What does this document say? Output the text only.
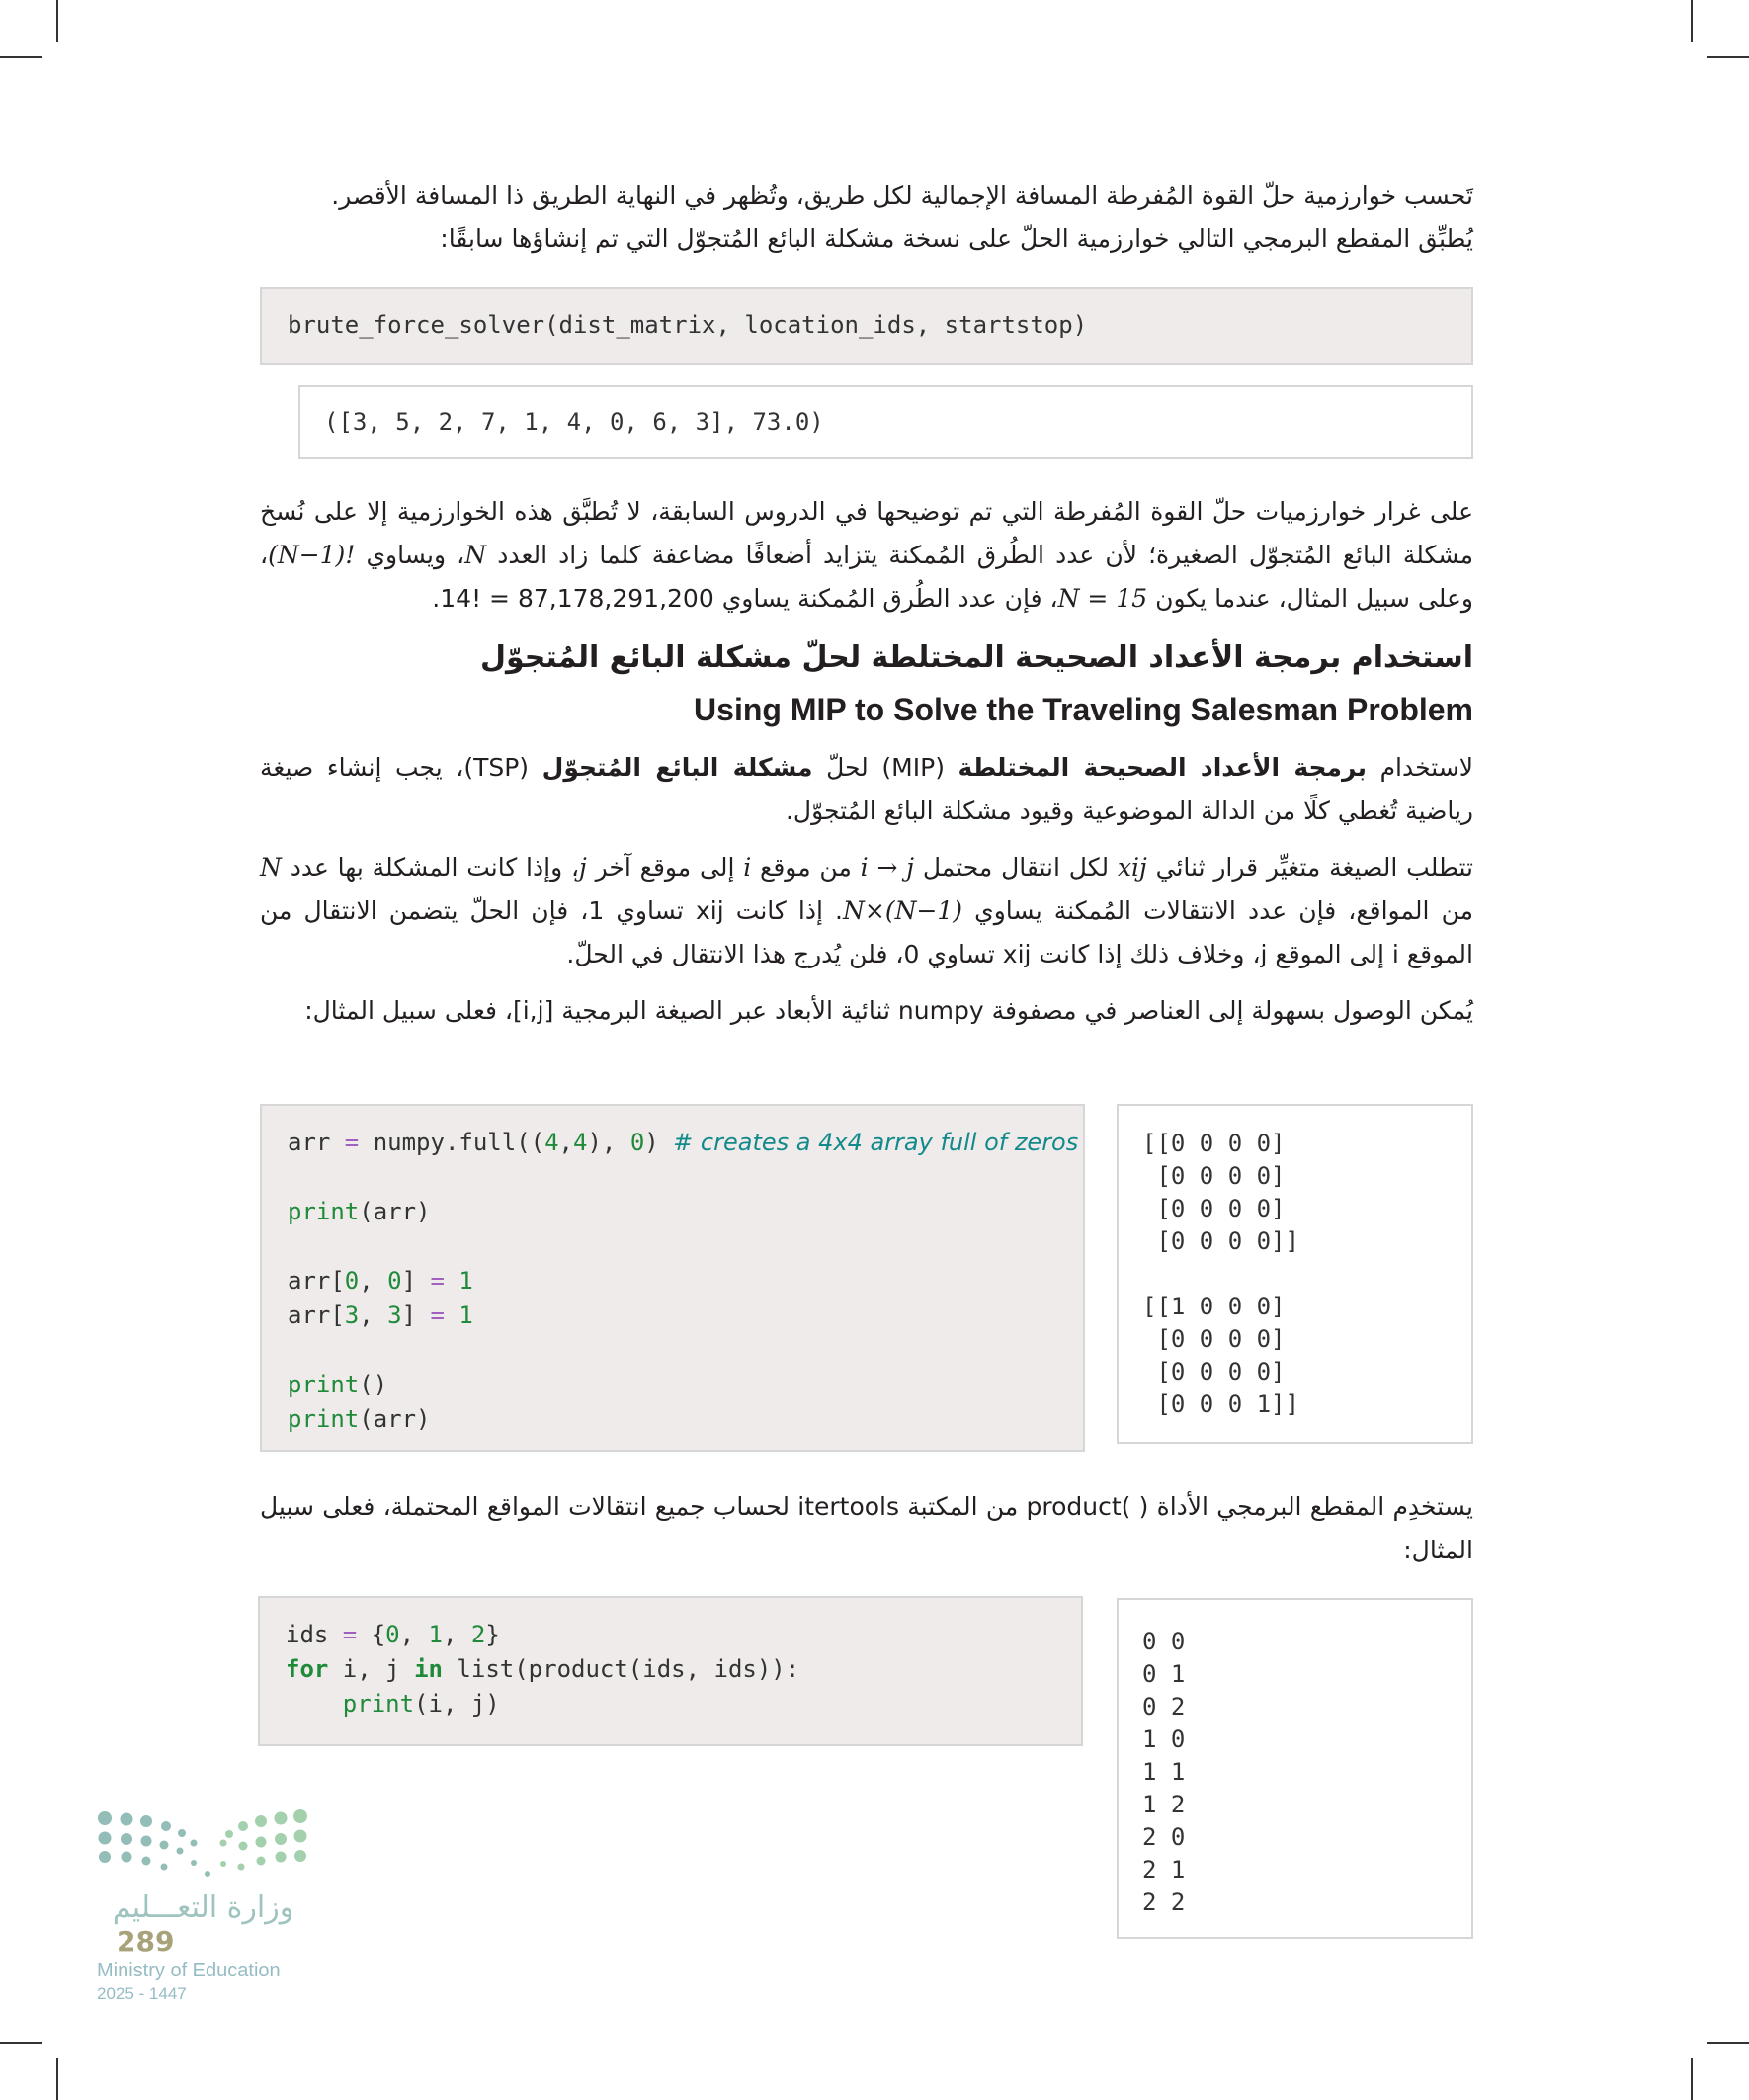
تَحسب خوارزمية حلّ القوة المُفرطة المسافة الإجمالية لكل طريق، وتُظهر في النهاية الطريق ذا المسافة الأقصر.
يُطبِّق المقطع البرمجي التالي خوارزمية الحلّ على نسخة مشكلة البائع المُتجوّل التي تم إنشاؤها سابقًا:
brute_force_solver(dist_matrix, location_ids, startstop)
([3, 5, 2, 7, 1, 4, 0, 6, 3], 73.0)
على غرار خوارزميات حلّ القوة المُفرطة التي تم توضيحها في الدروس السابقة، لا تُطبَّق هذه الخوارزمية إلا على نُسخ مشكلة البائع المُتجوّل الصغيرة؛ لأن عدد الطُرق المُمكنة يتزايد أضعافًا مضاعفة كلما زاد العدد N، ويساوي (N−1)!، وعلى سبيل المثال، عندما يكون N = 15، فإن عدد الطُرق المُمكنة يساوي 87,178,291,200 = !14.
استخدام برمجة الأعداد الصحيحة المختلطة لحلّ مشكلة البائع المُتجوّل
Using MIP to Solve the Traveling Salesman Problem
لاستخدام برمجة الأعداد الصحيحة المختلطة (MIP) لحلّ مشكلة البائع المُتجوّل (TSP)، يجب إنشاء صيغة رياضية تُغطي كلًا من الدالة الموضوعية وقيود مشكلة البائع المُتجوّل.
تتطلب الصيغة متغيِّر قرار ثنائي xij لكل انتقال محتمل i → j من موقع i إلى موقع آخر j، وإذا كانت المشكلة بها عدد N من المواقع، فإن عدد الانتقالات المُمكنة يساوي N×(N−1). إذا كانت xij تساوي 1، فإن الحلّ يتضمن الانتقال من الموقع i إلى الموقع j، وخلاف ذلك إذا كانت xij تساوي 0، فلن يُدرج هذا الانتقال في الحلّ.
يُمكن الوصول بسهولة إلى العناصر في مصفوفة numpy ثنائية الأبعاد عبر الصيغة البرمجية [i,j]، فعلى سبيل المثال:
arr = numpy.full((4,4), 0) # creates a 4x4 array full of zeros
print(arr)
arr[0, 0] = 1
arr[3, 3] = 1
print()
print(arr)
[[0 0 0 0]
[0 0 0 0]
[0 0 0 0]
[0 0 0 0]]
[[1 0 0 0]
[0 0 0 0]
[0 0 0 0]
[0 0 0 1]]
يستخدِم المقطع البرمجي الأداة ( )product من المكتبة itertools لحساب جميع انتقالات المواقع المحتملة، فعلى سبيل المثال:
ids = {0, 1, 2}
for i, j in list(product(ids, ids)):
print(i, j)
0 0
0 1
0 2
1 0
1 1
1 2
2 0
2 1
2 2
وزارة التعـــليم
289
Ministry of Education
2025 - 1447
